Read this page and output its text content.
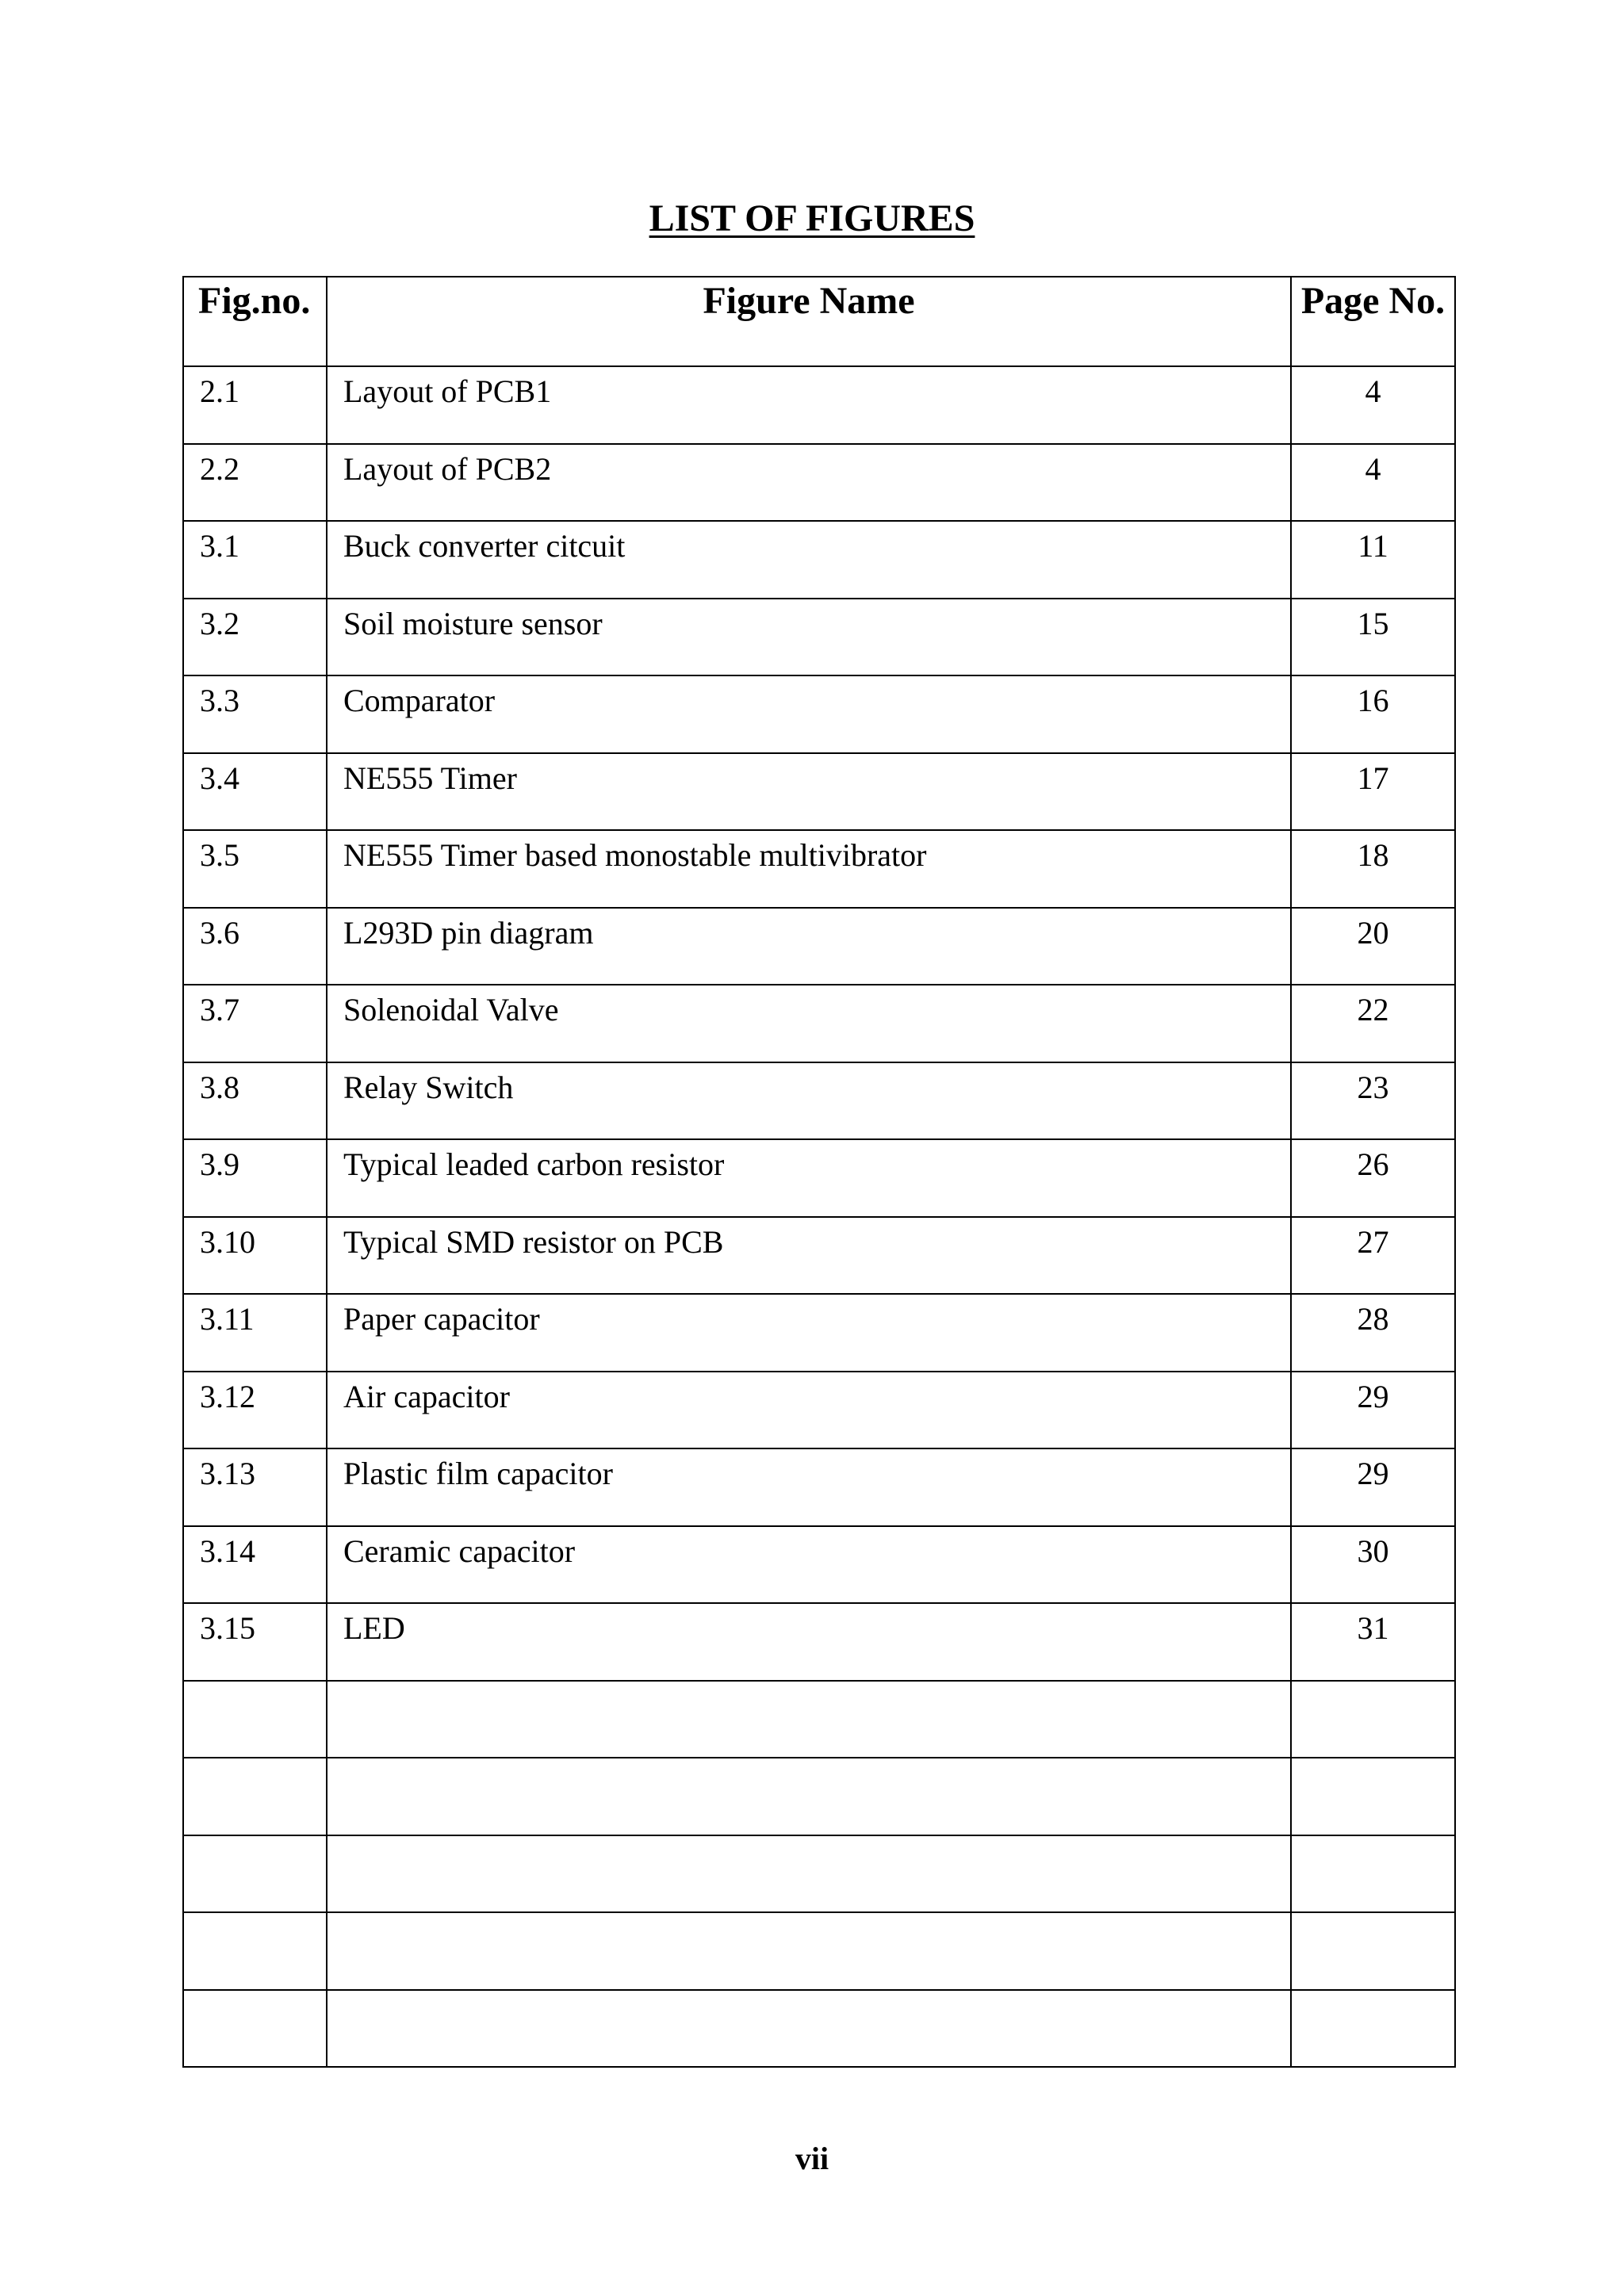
LIST OF FIGURES
Fig.no.	Figure Name	Page No.
2.1	Layout of PCB1	4
2.2	Layout of PCB2	4
3.1	Buck converter citcuit	11
3.2	Soil moisture sensor	15
3.3	Comparator	16
3.4	NE555 Timer	17
3.5	NE555 Timer based monostable multivibrator	18
3.6	L293D pin diagram	20
3.7	Solenoidal Valve	22
3.8	Relay Switch	23
3.9	Typical leaded carbon resistor	26
3.10	Typical SMD resistor on PCB	27
3.11	Paper capacitor	28
3.12	Air capacitor	29
3.13	Plastic film capacitor	29
3.14	Ceramic capacitor	30
3.15	LED	31

vii
